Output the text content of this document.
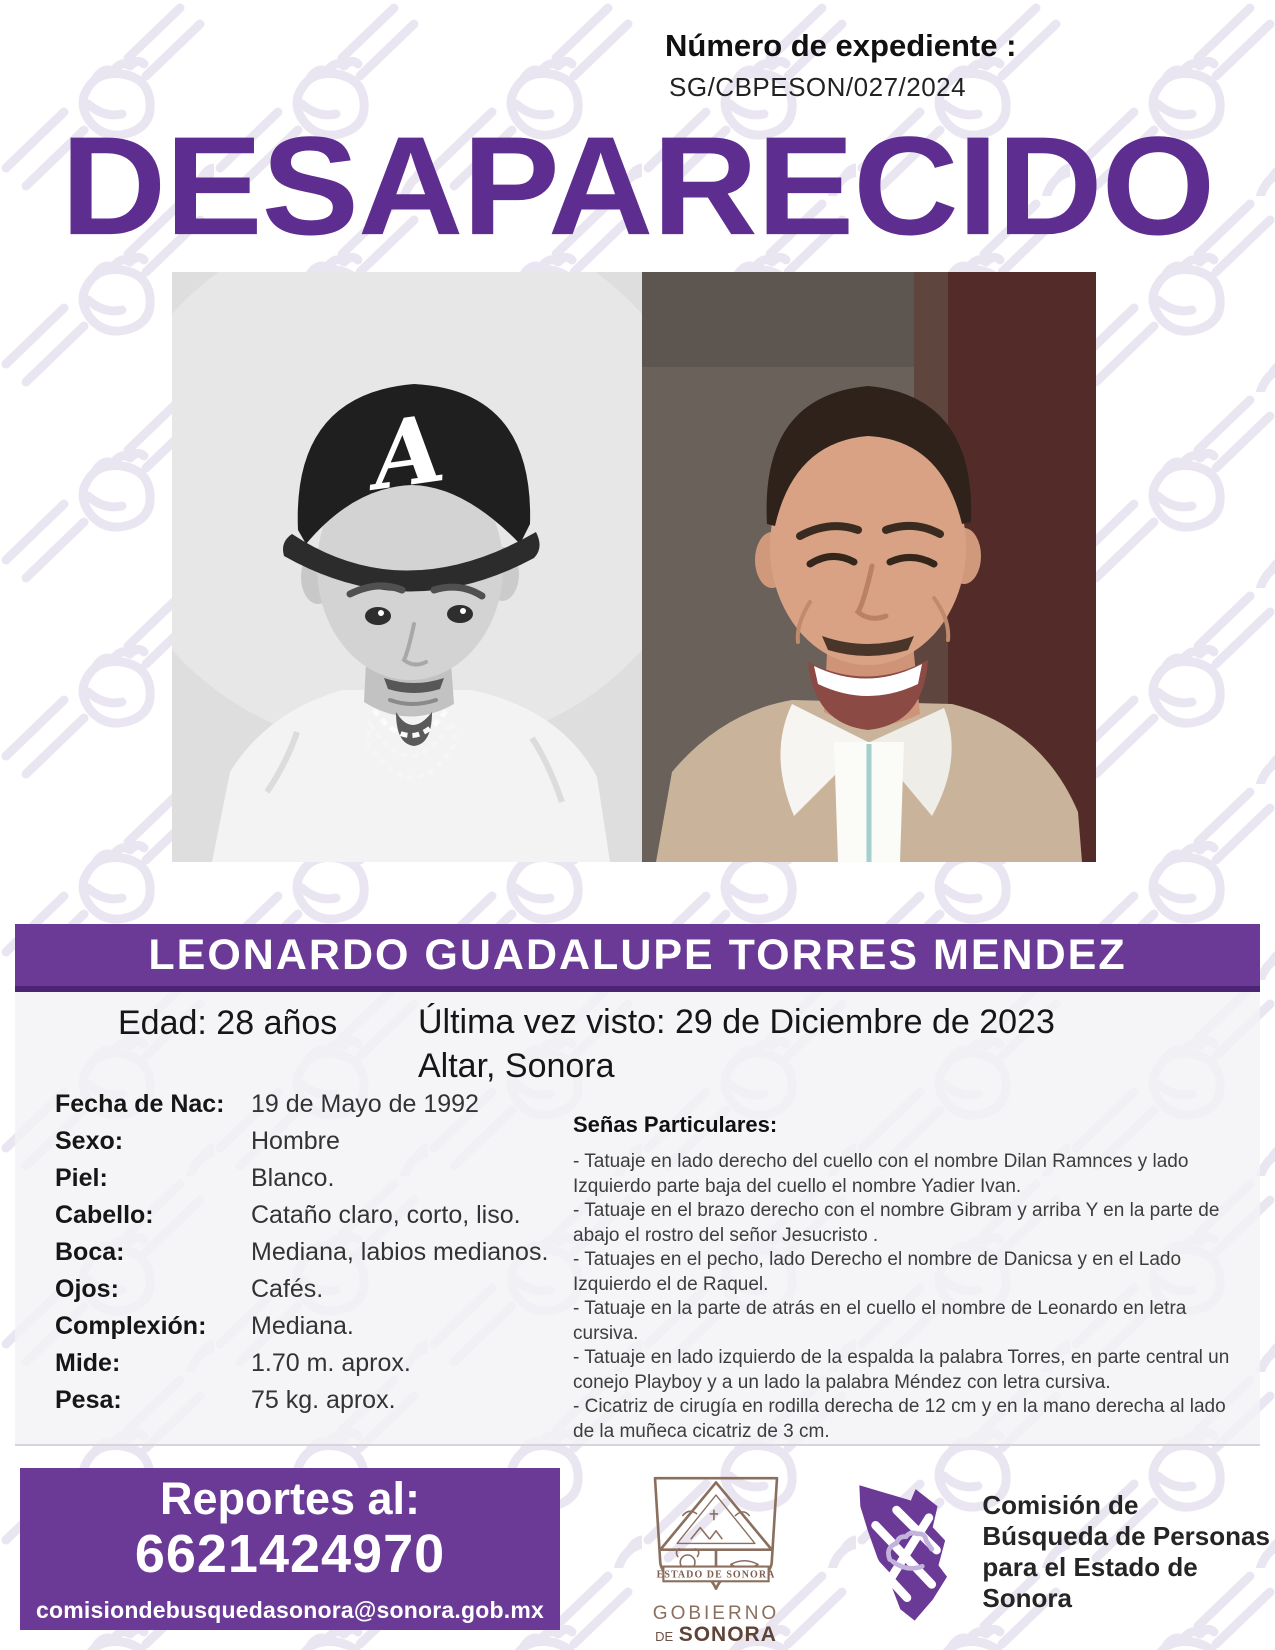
Número de expediente :
SG/CBPESON/027/2024
DESAPARECIDO
A
LEONARDO GUADALUPE TORRES MENDEZ
Edad: 28 años Última vez visto: 29 de Diciembre de 2023
Altar, Sonora
Fecha de Nac:	19 de Mayo de 1992
Sexo:	Hombre
Piel:	Blanco.
Cabello:	Cataño claro, corto, liso.
Boca:	Mediana, labios medianos.
Ojos:	Cafés.
Complexión:	Mediana.
Mide:	1.70 m. aprox.
Pesa:	75 kg. aprox.
Señas Particulares:

- Tatuaje en lado derecho del cuello con el nombre Dilan Ramnces y lado Izquierdo parte baja del cuello el nombre Yadier Ivan.

- Tatuaje en el brazo derecho con el nombre Gibram y arriba Y en la parte de abajo el rostro del señor Jesucristo .

- Tatuajes en el pecho, lado Derecho el nombre de Danicsa y en el Lado Izquierdo el de Raquel.

- Tatuaje en la parte de atrás en el cuello el nombre de Leonardo en letra cursiva.

- Tatuaje en lado izquierdo de la espalda la palabra Torres, en parte central un conejo Playboy y a un lado la palabra Méndez con letra cursiva.

- Cicatriz de cirugía en rodilla derecha de 12 cm y en la mano derecha al lado de la muñeca cicatriz de 3 cm.

Reportes al:
6621424970
comisiondebusquedasonora@sonora.gob.mx
ESTADO DE SONORA
GOBIERNO
DE SONORA
Comisión de
Búsqueda de Personas
para el Estado de Sonora
